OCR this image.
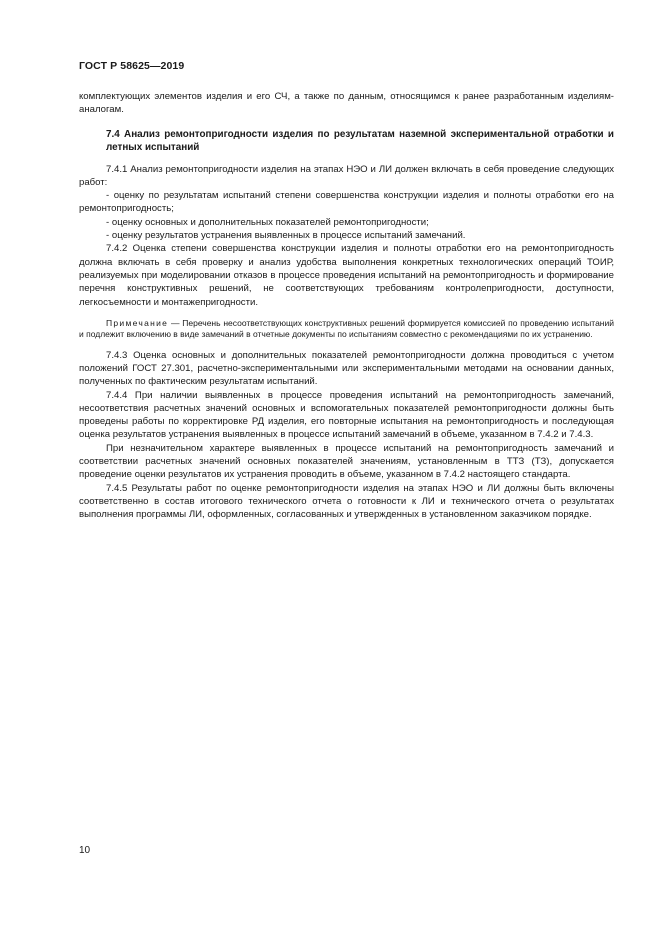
ГОСТ Р 58625—2019

комплектующих элементов изделия и его СЧ, а также по данным, относящимся к ранее разработанным изделиям-аналогам.

7.4 Анализ ремонтопригодности изделия по результатам наземной экспериментальной отработки и летных испытаний

7.4.1 Анализ ремонтопригодности изделия на этапах НЭО и ЛИ должен включать в себя проведение следующих работ:

- оценку по результатам испытаний степени совершенства конструкции изделия и полноты отработки его на ремонтопригодность;

- оценку основных и дополнительных показателей ремонтопригодности;

- оценку результатов устранения выявленных в процессе испытаний замечаний.

7.4.2 Оценка степени совершенства конструкции изделия и полноты отработки его на ремонтопригодность должна включать в себя проверку и анализ удобства выполнения конкретных технологических операций ТОИР, реализуемых при моделировании отказов в процессе проведения испытаний на ремонтопригодность и формирование перечня конструктивных решений, не соответствующих требованиям контролепригодности, доступности, легкосъемности и монтажепригодности.

Примечание — Перечень несоответствующих конструктивных решений формируется комиссией по проведению испытаний и подлежит включению в виде замечаний в отчетные документы по испытаниям совместно с рекомендациями по их устранению.

7.4.3 Оценка основных и дополнительных показателей ремонтопригодности должна проводиться с учетом положений ГОСТ 27.301, расчетно-экспериментальными или экспериментальными методами на основании данных, полученных по фактическим результатам испытаний.

7.4.4 При наличии выявленных в процессе проведения испытаний на ремонтопригодность замечаний, несоответствия расчетных значений основных и вспомогательных показателей ремонтопригодности должны быть проведены работы по корректировке РД изделия, его повторные испытания на ремонтопригодность и последующая оценка результатов устранения выявленных в процессе испытаний замечаний в объеме, указанном в 7.4.2 и 7.4.3.

При незначительном характере выявленных в процессе испытаний на ремонтопригодность замечаний и соответствии расчетных значений основных показателей значениям, установленным в ТТЗ (ТЗ), допускается проведение оценки результатов их устранения проводить в объеме, указанном в 7.4.2 настоящего стандарта.

7.4.5 Результаты работ по оценке ремонтопригодности изделия на этапах НЭО и ЛИ должны быть включены соответственно в состав итогового технического отчета о готовности к ЛИ и технического отчета о результатах выполнения программы ЛИ, оформленных, согласованных и утвержденных в установленном заказчиком порядке.

10
